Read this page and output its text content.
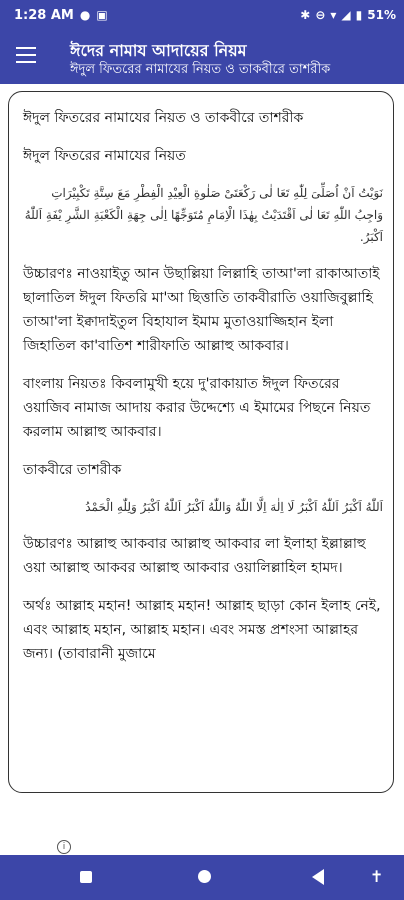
1:28 AM ● ▣	✱ ⊖ ▾ ◢ ▮ 51%
ঈদের নামায আদায়ের নিয়ম
ঈদুল ফিতরের নামাযের নিয়ত ও তাকবীরে তাশরীক

ঈদুল ফিতরের নামাযের নিয়ত ও তাকবীরে তাশরীক

ঈদুল ফিতরের নামাযের নিয়ত

نَوَيْتُ اَنْ اُصَلِّىَ لِلّٰهِ تَعَا لٰى رَكْعَتَىْ صَلٰوةِ الْعِيْدِ الْفِطْرِ مَعَ سِتَّةِ تَكْبِيْرَاتِ وَاجِبُ اللّٰهِ تَعَا لٰى اَقْتَدَيْتُ بِهٰذَا الْاِمَامِ مُتَوَجِّهًا اِلٰى جِهَةِ الْكَعْبَةِ الشَّرِ يْفَةِ اَللّٰهُ اَكْبَرُ.

উচ্চারণঃ নাওয়াইতু আন উছাল্লিয়া লিল্লাহি তাআ'লা রাকাআতাই ছালাতিল ঈদুল ফিতরি মা'আ ছিত্তাতি তাকবীরাতি ওয়াজিবুল্লাহি তাআ'লা ইক্বাদাইতুল বিহাযাল ইমাম মুতাওয়াজ্জিহান ইলা জিহাতিল কা'বাতিশ শারীফাতি আল্লাহু আকবার।

বাংলায় নিয়তঃ কিবলামুখী হয়ে দু'রাকায়াত ঈদুল ফিতরের ওয়াজিব নামাজ আদায় করার উদ্দেশ্যে এ ইমামের পিছনে নিয়ত করলাম আল্লাহু আকবার।

তাকবীরে তাশরীক

اَللّٰهُ اَكْبَرُ اَللّٰهُ اَكْبَرُ لَا اِلٰهَ اِلَّا اللّٰهُ وَاللّٰهُ اَكْبَرُ اَللّٰهُ اَكْبَرُ وَلِلّٰهِ الْحَمْدُ

উচ্চারণঃ আল্লাহু আকবার আল্লাহু আকবার লা ইলাহা ইল্লাল্লাহু ওয়া আল্লাহু আকবর আল্লাহু আকবার ওয়ালিল্লাহিল হামদ।

অর্থঃ আল্লাহ মহান! আল্লাহ মহান! আল্লাহ ছাড়া কোন ইলাহ নেই, এবং আল্লাহ মহান, আল্লাহ মহান। এবং সমস্ত প্রশংসা আল্লাহর জন্য। (তাবারানী মুজামে

i
✝
